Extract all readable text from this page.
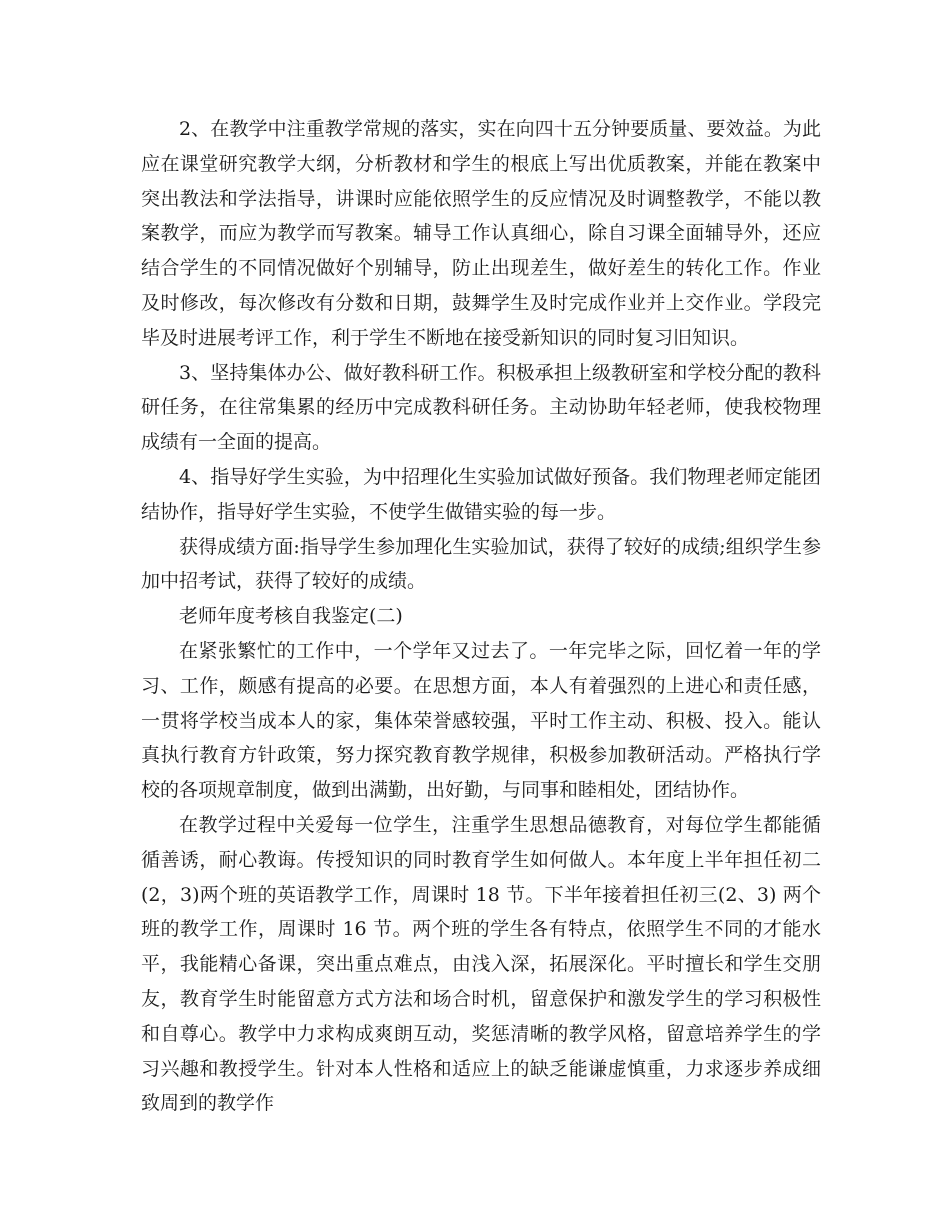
2、在教学中注重教学常规的落实，实在向四十五分钟要质量、要效益。为此应在课堂研究教学大纲，分析教材和学生的根底上写出优质教案，并能在教案中突出教法和学法指导，讲课时应能依照学生的反应情况及时调整教学，不能以教案教学，而应为教学而写教案。辅导工作认真细心，除自习课全面辅导外，还应结合学生的不同情况做好个别辅导，防止出现差生，做好差生的转化工作。作业及时修改，每次修改有分数和日期，鼓舞学生及时完成作业并上交作业。学段完毕及时进展考评工作，利于学生不断地在接受新知识的同时复习旧知识。

3、坚持集体办公、做好教科研工作。积极承担上级教研室和学校分配的教科研任务，在往常集累的经历中完成教科研任务。主动协助年轻老师，使我校物理成绩有一全面的提高。

4、指导好学生实验，为中招理化生实验加试做好预备。我们物理老师定能团结协作，指导好学生实验，不使学生做错实验的每一步。

获得成绩方面:指导学生参加理化生实验加试，获得了较好的成绩;组织学生参加中招考试，获得了较好的成绩。

老师年度考核自我鉴定(二)

在紧张繁忙的工作中，一个学年又过去了。一年完毕之际，回忆着一年的学习、工作，颇感有提高的必要。在思想方面，本人有着强烈的上进心和责任感，一贯将学校当成本人的家，集体荣誉感较强，平时工作主动、积极、投入。能认真执行教育方针政策，努力探究教育教学规律，积极参加教研活动。严格执行学校的各项规章制度，做到出满勤，出好勤，与同事和睦相处，团结协作。

在教学过程中关爱每一位学生，注重学生思想品德教育，对每位学生都能循循善诱，耐心教诲。传授知识的同时教育学生如何做人。本年度上半年担任初二(2，3)两个班的英语教学工作，周课时 18 节。下半年接着担任初三(2、3) 两个班的教学工作，周课时 16 节。两个班的学生各有特点，依照学生不同的才能水平，我能精心备课，突出重点难点，由浅入深，拓展深化。平时擅长和学生交朋友，教育学生时能留意方式方法和场合时机，留意保护和激发学生的学习积极性和自尊心。教学中力求构成爽朗互动，奖惩清晰的教学风格，留意培养学生的学习兴趣和教授学生。针对本人性格和适应上的缺乏能谦虚慎重，力求逐步养成细致周到的教学作
